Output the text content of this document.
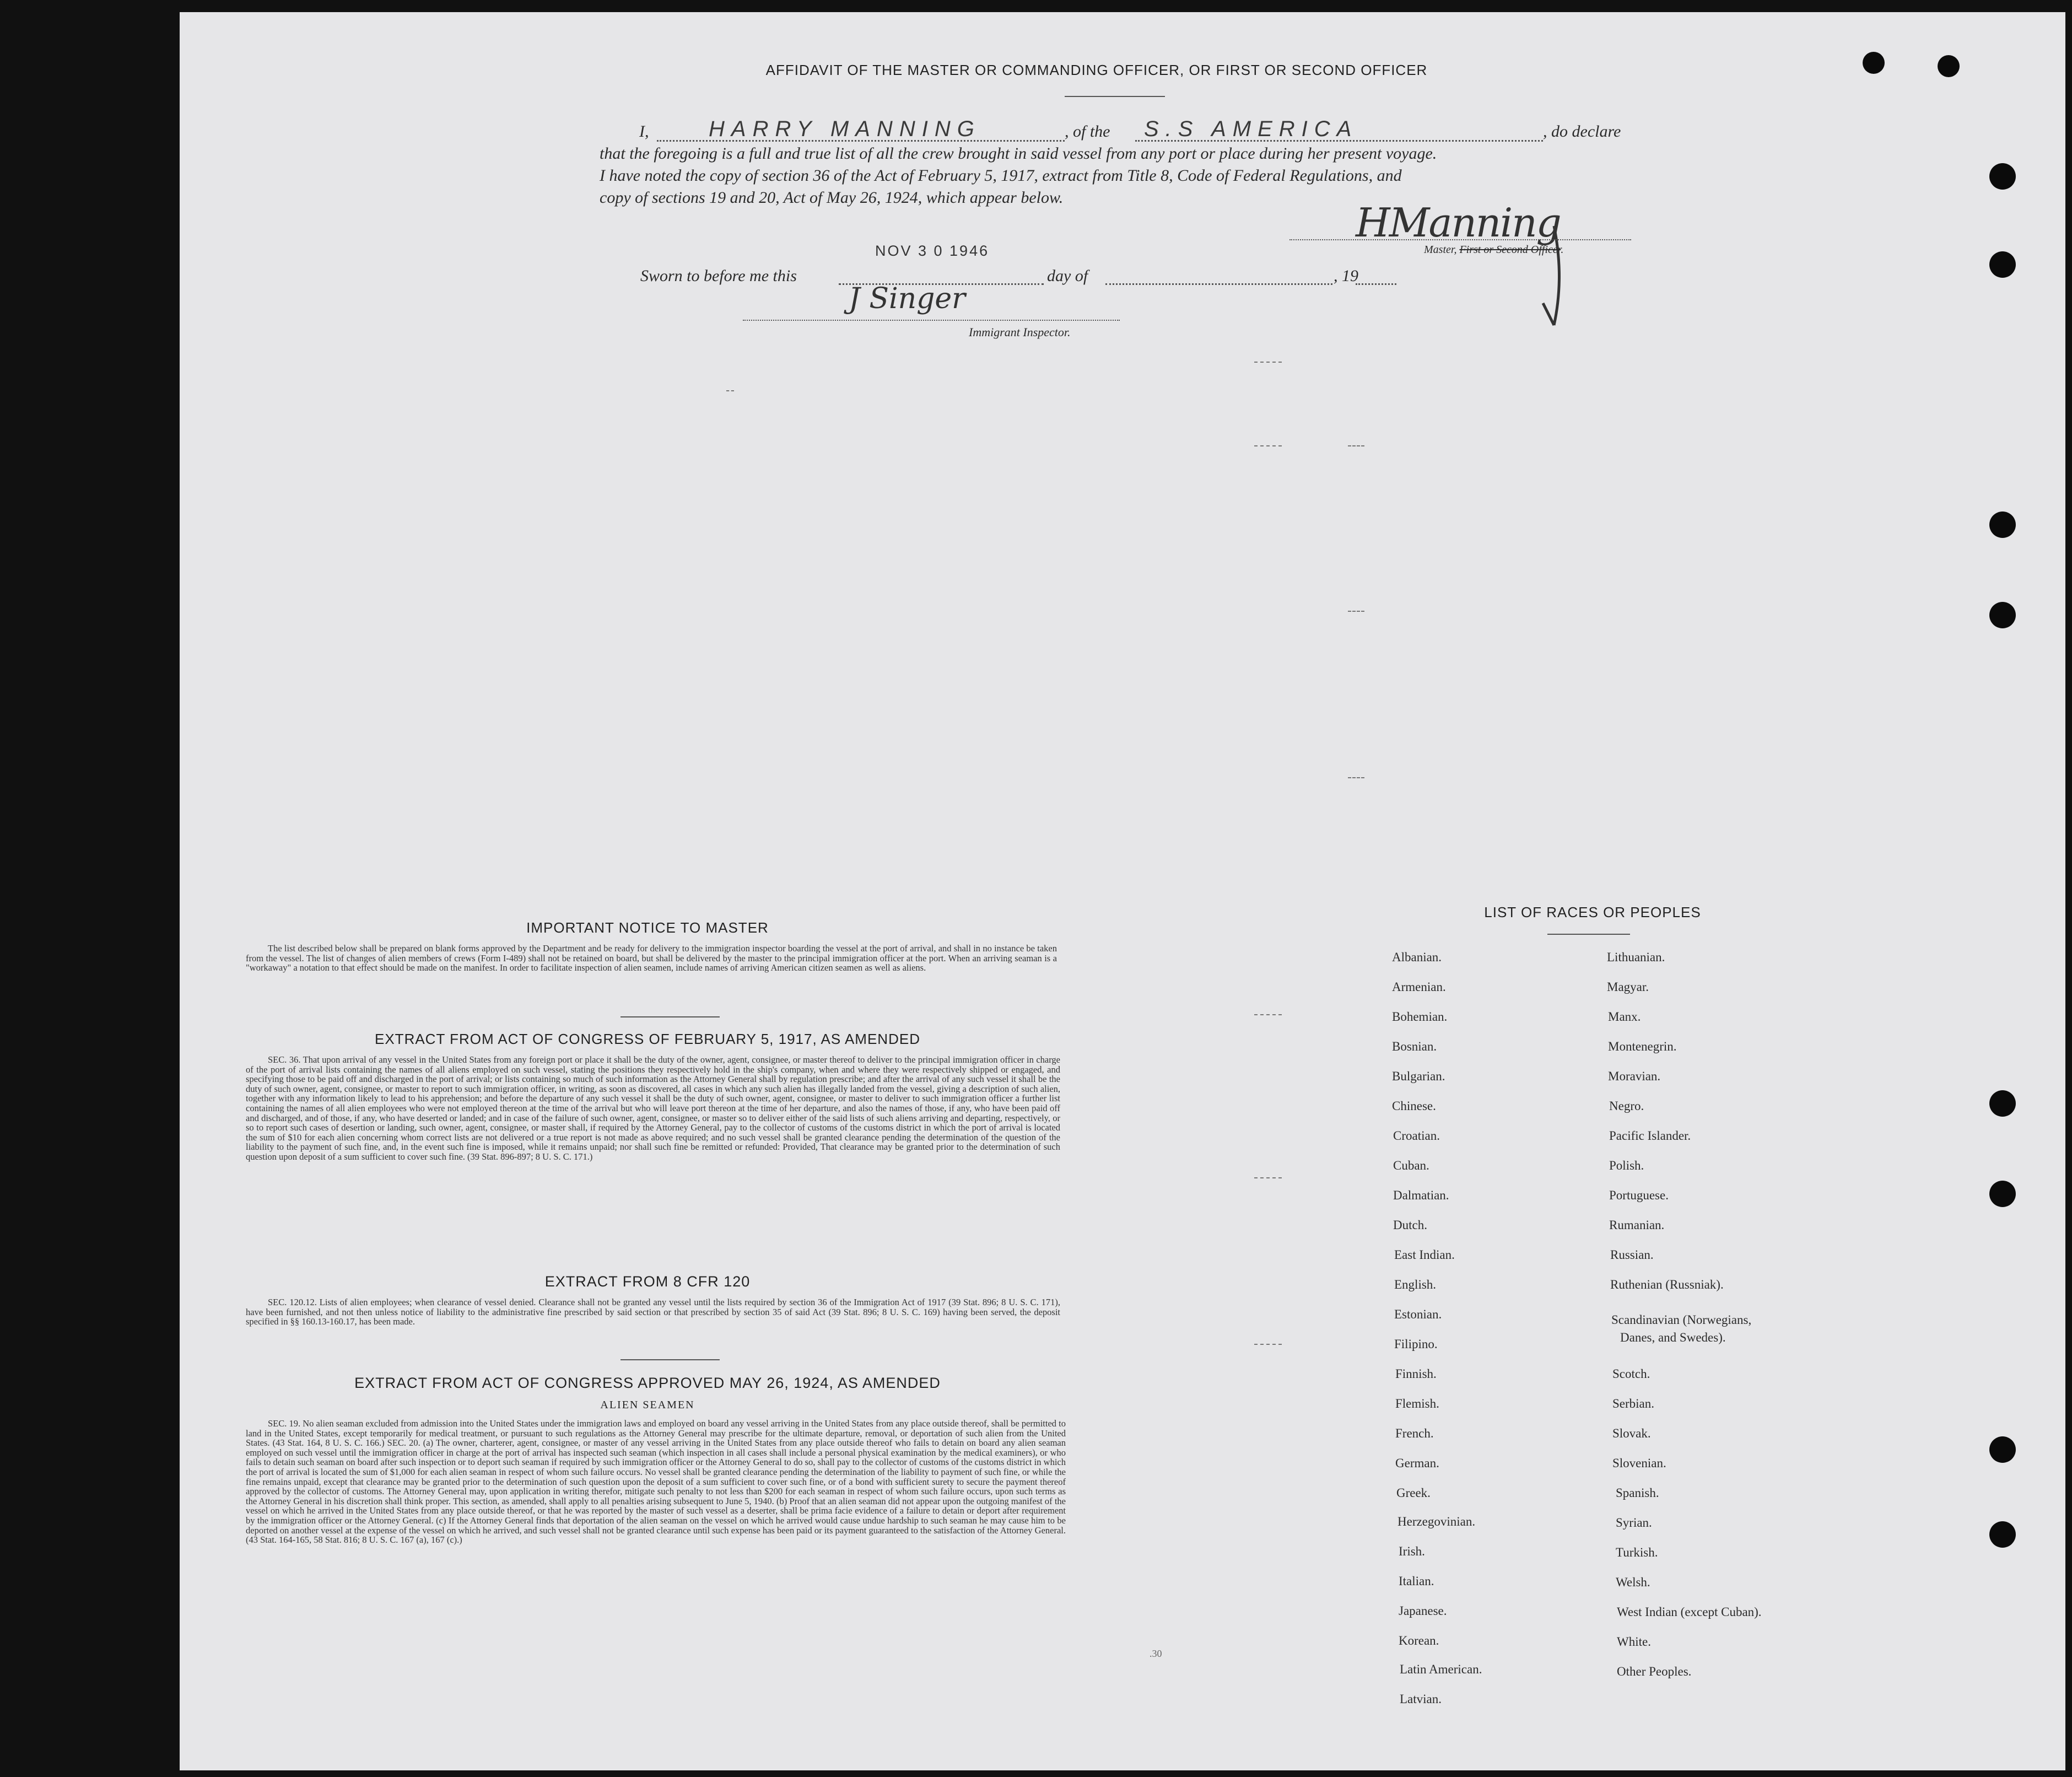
AFFIDAVIT OF THE MASTER OR COMMANDING OFFICER, OR FIRST OR SECOND OFFICER
I,	HARRY MANNING	, of the S.S AMERICA	, do declare
that the foregoing is a full and true list of all the crew brought in said vessel from any port or place during her present voyage.
I have noted the copy of section 36 of the Act of February 5, 1917, extract from Title 8, Code of Federal Regulations, and
copy of sections 19 and 20, Act of May 26, 1924, which appear below.
HManning
Master, First or Second Officer.
NOV 3 0 1946
Sworn to before me this	day of	, 19
J Singer
Immigrant Inspector.
IMPORTANT NOTICE TO MASTER
The list described below shall be prepared on blank forms approved by the Department and be ready for delivery to the immigration inspector boarding the vessel at the port of arrival, and shall in no instance be taken from the vessel. The list of changes of alien members of crews (Form I-489) shall not be retained on board, but shall be delivered by the master to the principal immigration officer at the port. When an arriving seaman is a "workaway" a notation to that effect should be made on the manifest. In order to facilitate inspection of alien seamen, include names of arriving American citizen seamen as well as aliens.
EXTRACT FROM ACT OF CONGRESS OF FEBRUARY 5, 1917, AS AMENDED
SEC. 36. That upon arrival of any vessel in the United States from any foreign port or place it shall be the duty of the owner, agent, consignee, or master thereof to deliver to the principal immigration officer in charge of the port of arrival lists containing the names of all aliens employed on such vessel, stating the positions they respectively hold in the ship's company, when and where they were respectively shipped or engaged, and specifying those to be paid off and discharged in the port of arrival; or lists containing so much of such information as the Attorney General shall by regulation prescribe; and after the arrival of any such vessel it shall be the duty of such owner, agent, consignee, or master to report to such immigration officer, in writing, as soon as discovered, all cases in which any such alien has illegally landed from the vessel, giving a description of such alien, together with any information likely to lead to his apprehension; and before the departure of any such vessel it shall be the duty of such owner, agent, consignee, or master to deliver to such immigration officer a further list containing the names of all alien employees who were not employed thereon at the time of the arrival but who will leave port thereon at the time of her departure, and also the names of those, if any, who have been paid off and discharged, and of those, if any, who have deserted or landed; and in case of the failure of such owner, agent, consignee, or master so to deliver either of the said lists of such aliens arriving and departing, respectively, or so to report such cases of desertion or landing, such owner, agent, consignee, or master shall, if required by the Attorney General, pay to the collector of customs of the customs district in which the port of arrival is located the sum of $10 for each alien concerning whom correct lists are not delivered or a true report is not made as above required; and no such vessel shall be granted clearance pending the determination of the question of the liability to the payment of such fine, and, in the event such fine is imposed, while it remains unpaid; nor shall such fine be remitted or refunded: Provided, That clearance may be granted prior to the determination of such question upon deposit of a sum sufficient to cover such fine. (39 Stat. 896-897; 8 U. S. C. 171.)
EXTRACT FROM 8 CFR 120
SEC. 120.12. Lists of alien employees; when clearance of vessel denied. Clearance shall not be granted any vessel until the lists required by section 36 of the Immigration Act of 1917 (39 Stat. 896; 8 U. S. C. 171), have been furnished, and not then unless notice of liability to the administrative fine prescribed by said section or that prescribed by section 35 of said Act (39 Stat. 896; 8 U. S. C. 169) having been served, the deposit specified in §§ 160.13-160.17, has been made.
EXTRACT FROM ACT OF CONGRESS APPROVED MAY 26, 1924, AS AMENDED
ALIEN SEAMEN
SEC. 19. No alien seaman excluded from admission into the United States under the immigration laws and employed on board any vessel arriving in the United States from any place outside thereof, shall be permitted to land in the United States, except temporarily for medical treatment, or pursuant to such regulations as the Attorney General may prescribe for the ultimate departure, removal, or deportation of such alien from the United States. (43 Stat. 164, 8 U. S. C. 166.) SEC. 20. (a) The owner, charterer, agent, consignee, or master of any vessel arriving in the United States from any place outside thereof who fails to detain on board any alien seaman employed on such vessel until the immigration officer in charge at the port of arrival has inspected such seaman (which inspection in all cases shall include a personal physical examination by the medical examiners), or who fails to detain such seaman on board after such inspection or to deport such seaman if required by such immigration officer or the Attorney General to do so, shall pay to the collector of customs of the customs district in which the port of arrival is located the sum of $1,000 for each alien seaman in respect of whom such failure occurs. No vessel shall be granted clearance pending the determination of the liability to payment of such fine, or while the fine remains unpaid, except that clearance may be granted prior to the determination of such question upon the deposit of a sum sufficient to cover such fine, or of a bond with sufficient surety to secure the payment thereof approved by the collector of customs. The Attorney General may, upon application in writing therefor, mitigate such penalty to not less than $200 for each seaman in respect of whom such failure occurs, upon such terms as the Attorney General in his discretion shall think proper. This section, as amended, shall apply to all penalties arising subsequent to June 5, 1940. (b) Proof that an alien seaman did not appear upon the outgoing manifest of the vessel on which he arrived in the United States from any place outside thereof, or that he was reported by the master of such vessel as a deserter, shall be prima facie evidence of a failure to detain or deport after requirement by the immigration officer or the Attorney General. (c) If the Attorney General finds that deportation of the alien seaman on the vessel on which he arrived would cause undue hardship to such seaman he may cause him to be deported on another vessel at the expense of the vessel on which he arrived, and such vessel shall not be granted clearance until such expense has been paid or its payment guaranteed to the satisfaction of the Attorney General. (43 Stat. 164-165, 58 Stat. 816; 8 U. S. C. 167 (a), 167 (c).)
.30
LIST OF RACES OR PEOPLES
Albanian.
Armenian.
Bohemian.
Bosnian.
Bulgarian.
Chinese.
Croatian.
Cuban.
Dalmatian.
Dutch.
East Indian.
English.
Estonian.
Filipino.
Finnish.
Flemish.
French.
German.
Greek.
Herzegovinian.
Irish.
Italian.
Japanese.
Korean.
Latin American.
Latvian.
Lithuanian.
Magyar.
Manx.
Montenegrin.
Moravian.
Negro.
Pacific Islander.
Polish.
Portuguese.
Rumanian.
Russian.
Ruthenian (Russniak).
Scandinavian (Norwegians,
Danes, and Swedes).
Scotch.
Serbian.
Slovak.
Slovenian.
Spanish.
Syrian.
Turkish.
Welsh.
West Indian (except Cuban).
White.
Other Peoples.
